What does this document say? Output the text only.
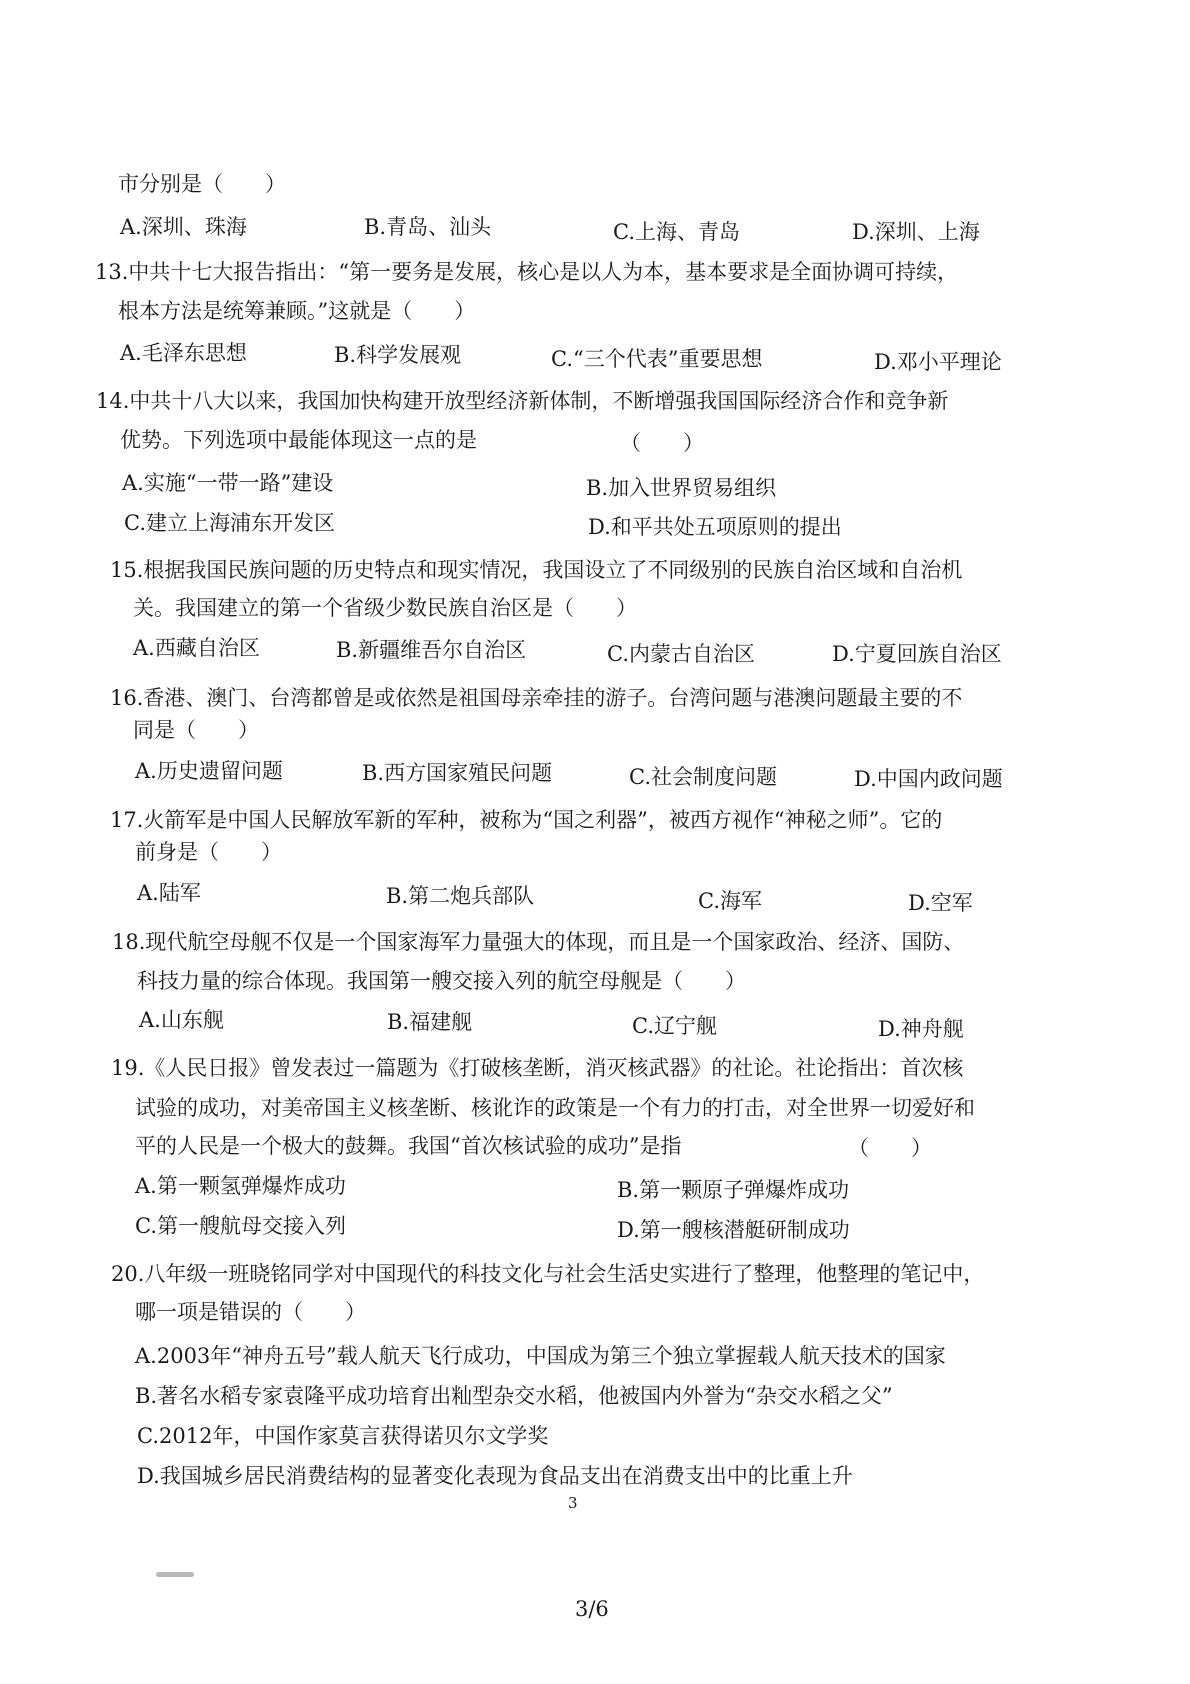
市分别是（　　）
A.深圳、珠海	B.青岛、汕头	C.上海、青岛	D.深圳、上海
13.中共十七大报告指出：“第一要务是发展，核心是以人为本，基本要求是全面协调可持续，
根本方法是统筹兼顾。”这就是（　　）
A.毛泽东思想	B.科学发展观	C.“三个代表”重要思想	D.邓小平理论
14.中共十八大以来，我国加快构建开放型经济新体制，不断增强我国国际经济合作和竞争新
优势。下列选项中最能体现这一点的是	（　　）
A.实施“一带一路”建设	B.加入世界贸易组织
C.建立上海浦东开发区	D.和平共处五项原则的提出
15.根据我国民族问题的历史特点和现实情况，我国设立了不同级别的民族自治区域和自治机
关。我国建立的第一个省级少数民族自治区是（　　）
A.西藏自治区	B.新疆维吾尔自治区	C.内蒙古自治区	D.宁夏回族自治区
16.香港、澳门、台湾都曾是或依然是祖国母亲牵挂的游子。台湾问题与港澳问题最主要的不
同是（　　）
A.历史遗留问题	B.西方国家殖民问题	C.社会制度问题	D.中国内政问题
17.火箭军是中国人民解放军新的军种，被称为“国之利器”，被西方视作“神秘之师”。它的
前身是（　　）
A.陆军	B.第二炮兵部队	C.海军	D.空军
18.现代航空母舰不仅是一个国家海军力量强大的体现，而且是一个国家政治、经济、国防、
科技力量的综合体现。我国第一艘交接入列的航空母舰是（　　）
A.山东舰	B.福建舰	C.辽宁舰	D.神舟舰
19.《人民日报》曾发表过一篇题为《打破核垄断，消灭核武器》的社论。社论指出：首次核
试验的成功，对美帝国主义核垄断、核讹诈的政策是一个有力的打击，对全世界一切爱好和
平的人民是一个极大的鼓舞。我国“首次核试验的成功”是指	（　　）
A.第一颗氢弹爆炸成功	B.第一颗原子弹爆炸成功
C.第一艘航母交接入列	D.第一艘核潜艇研制成功
20.八年级一班晓铭同学对中国现代的科技文化与社会生活史实进行了整理，他整理的笔记中，
哪一项是错误的（　　）
A.2003年“神舟五号”载人航天飞行成功，中国成为第三个独立掌握载人航天技术的国家
B.著名水稻专家袁隆平成功培育出籼型杂交水稻，他被国内外誉为“杂交水稻之父”
C.2012年，中国作家莫言获得诺贝尔文学奖
D.我国城乡居民消费结构的显著变化表现为食品支出在消费支出中的比重上升
3
3/6
